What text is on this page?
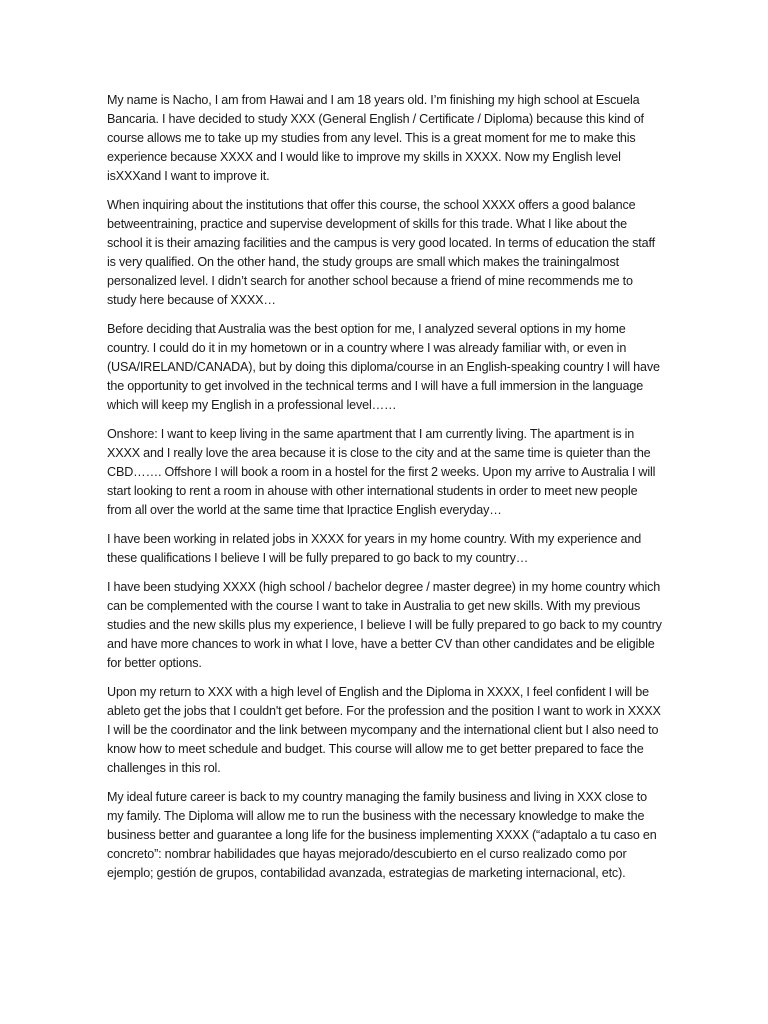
My name is Nacho, I am from Hawai and I am 18 years old. I’m finishing my high school at Escuela Bancaria. I have decided to study XXX (General English / Certificate / Diploma) because this kind of course allows me to take up my studies from any level. This is a great moment for me to make this experience because XXXX and I would like to improve my skills in XXXX. Now my English level isXXXand I want to improve it.

When inquiring about the institutions that offer this course, the school XXXX offers a good balance betweentraining, practice and supervise development of skills for this trade. What I like about the school it is their amazing facilities and the campus is very good located. In terms of education the staff is very qualified. On the other hand, the study groups are small which makes the trainingalmost personalized level. I didn’t search for another school because a friend of mine recommends me to study here because of XXXX…

Before deciding that Australia was the best option for me, I analyzed several options in my home country. I could do it in my hometown or in a country where I was already familiar with, or even in (USA/IRELAND/CANADA), but by doing this diploma/course in an English-speaking country I will have the opportunity to get involved in the technical terms and I will have a full immersion in the language which will keep my English in a professional level……

Onshore: I want to keep living in the same apartment that I am currently living. The apartment is in XXXX and I really love the area because it is close to the city and at the same time is quieter than the CBD……. Offshore I will book a room in a hostel for the first 2 weeks. Upon my arrive to Australia I will start looking to rent a room in ahouse with other international students in order to meet new people from all over the world at the same time that Ipractice English everyday…

I have been working in related jobs in XXXX for years in my home country. With my experience and these qualifications I believe I will be fully prepared to go back to my country…

I have been studying XXXX (high school / bachelor degree / master degree) in my home country which can be complemented with the course I want to take in Australia to get new skills. With my previous studies and the new skills plus my experience, I believe I will be fully prepared to go back to my country and have more chances to work in what I love, have a better CV than other candidates and be eligible for better options.

Upon my return to XXX with a high level of English and the Diploma in XXXX, I feel confident I will be ableto get the jobs that I couldn't get before. For the profession and the position I want to work in XXXX I will be the coordinator and the link between mycompany and the international client but I also need to know how to meet schedule and budget. This course will allow me to get better prepared to face the challenges in this rol.

My ideal future career is back to my country managing the family business and living in XXX close to my family. The Diploma will allow me to run the business with the necessary knowledge to make the business better and guarantee a long life for the business implementing XXXX (“adaptalo a tu caso en concreto”: nombrar habilidades que hayas mejorado/descubierto en el curso realizado como por ejemplo; gestión de grupos, contabilidad avanzada, estrategias de marketing internacional, etc).
